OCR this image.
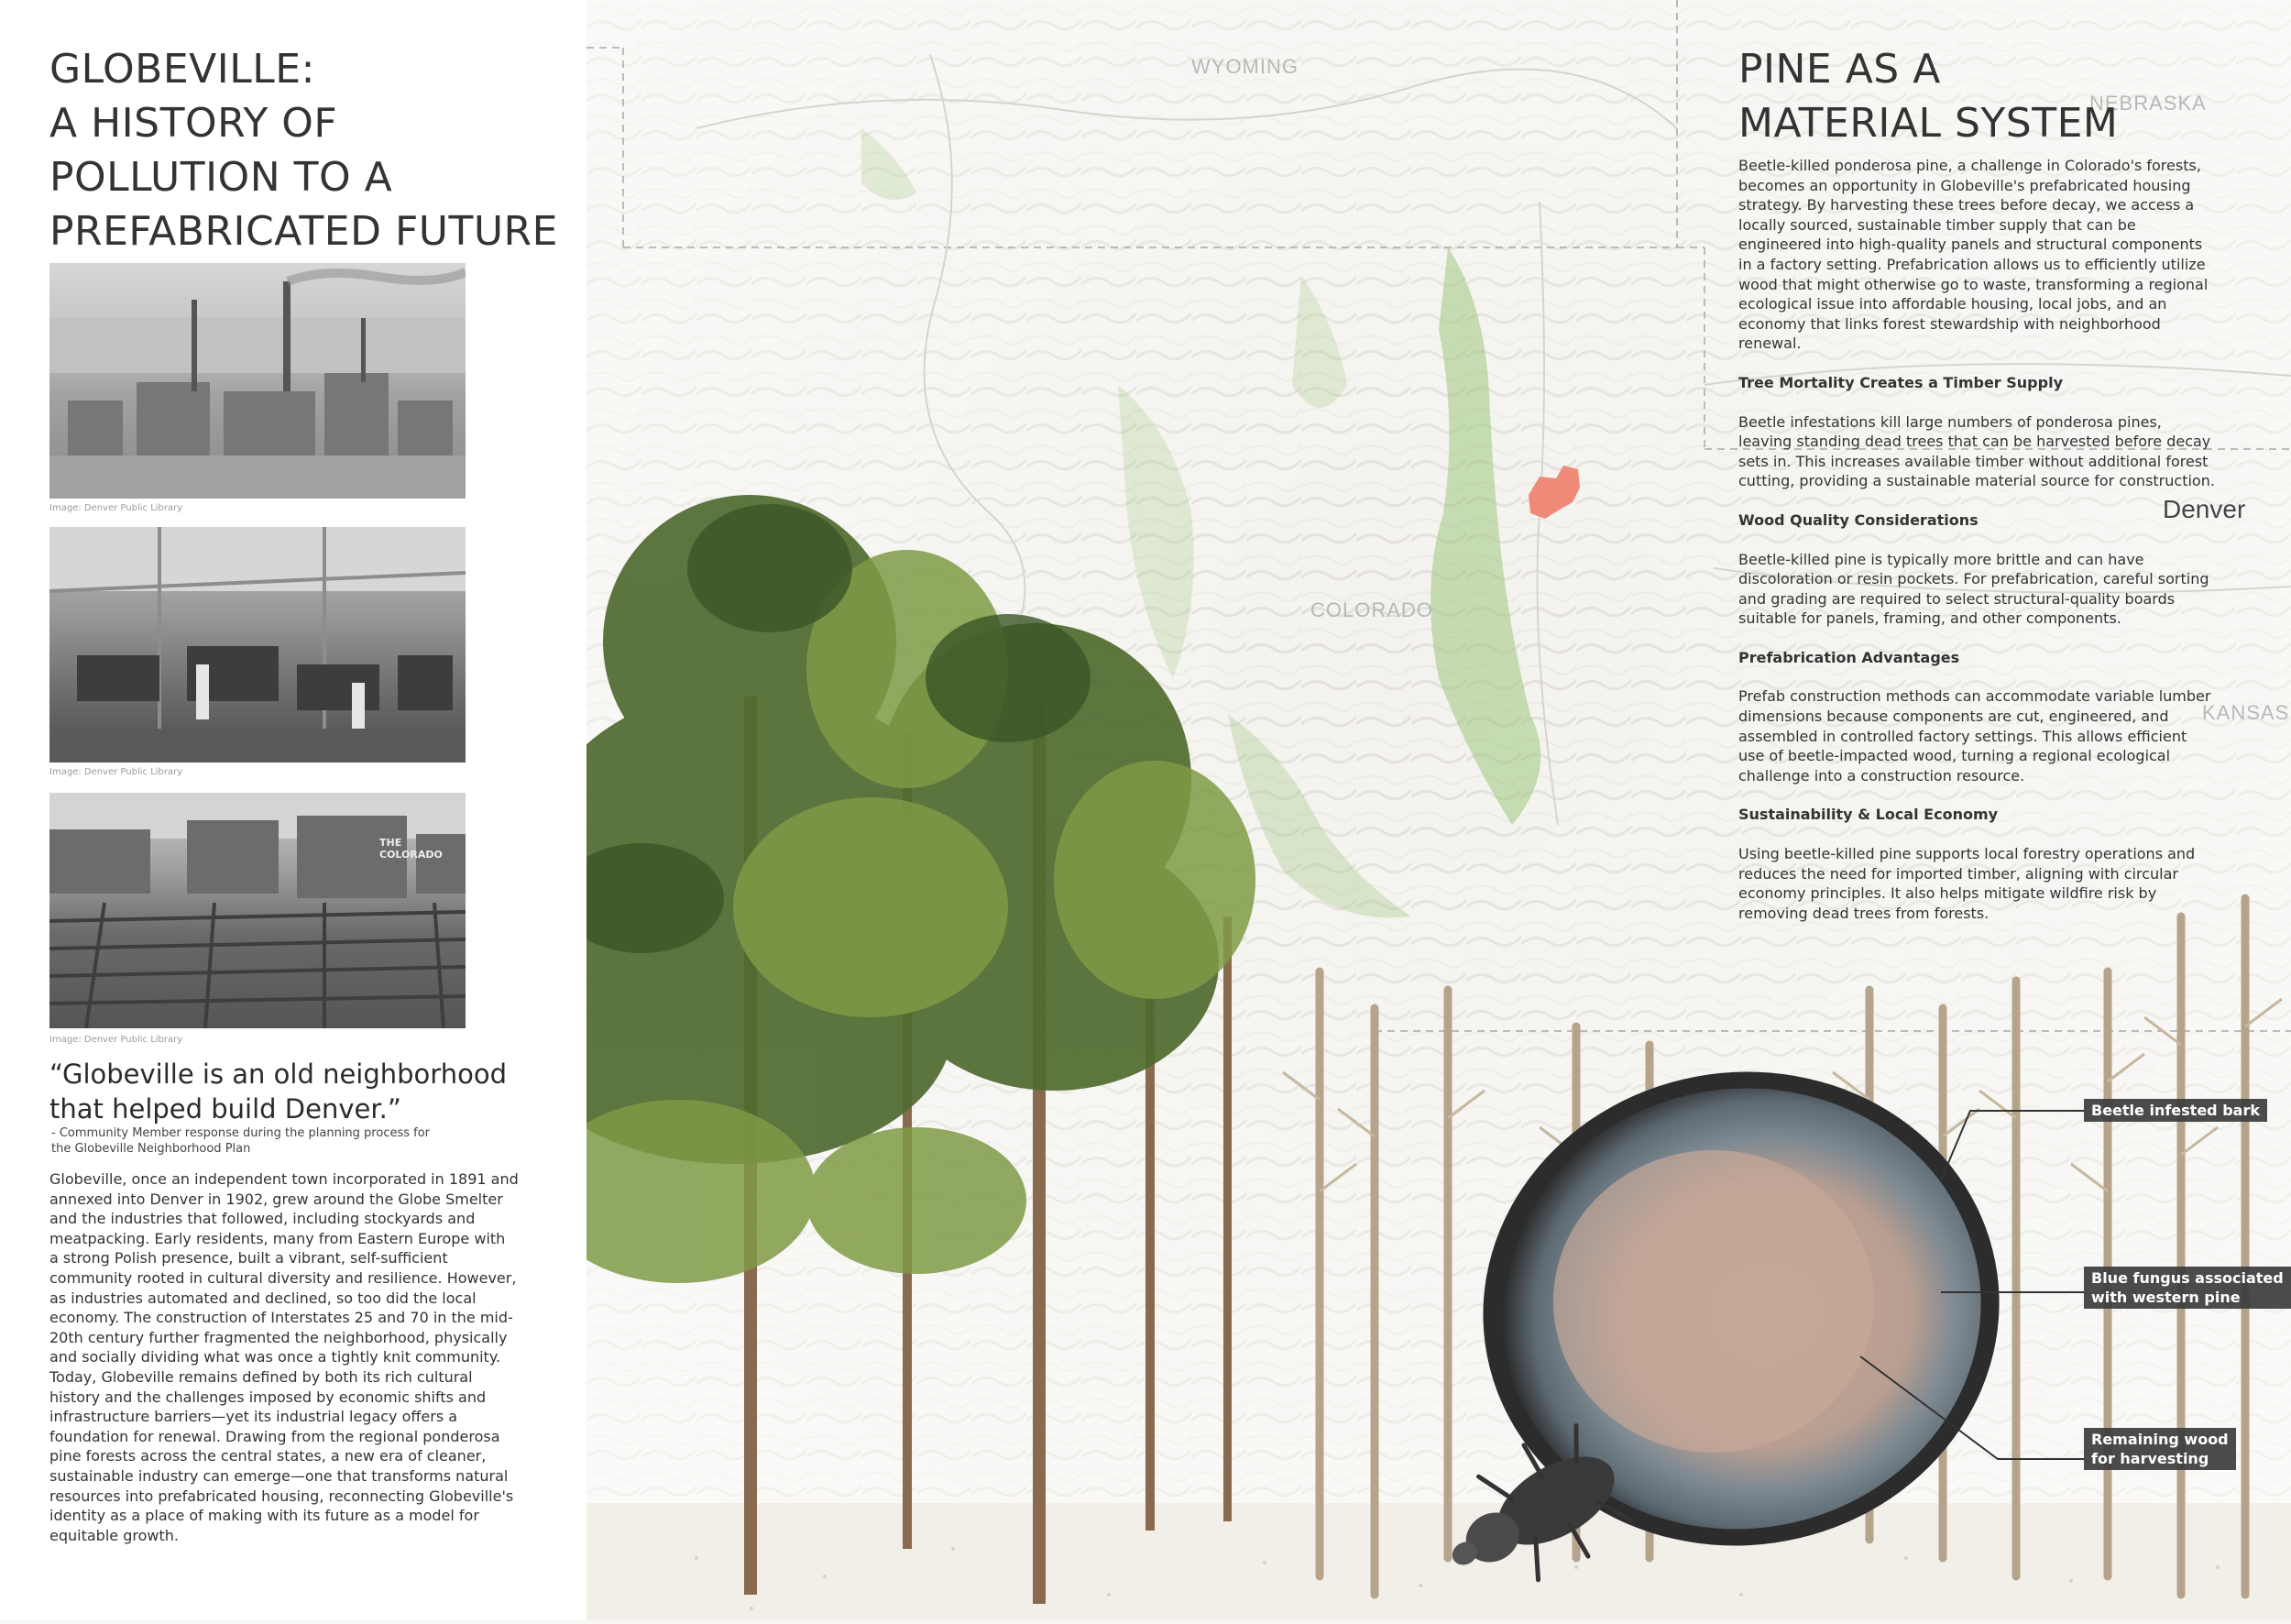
WYOMING
NEBRASKA
COLORADO
KANSAS
Denver
GLOBEVILLE:
A HISTORY OF
POLLUTION TO A
PREFABRICATED FUTURE
Image: Denver Public Library
Image: Denver Public Library
THE COLORADO
Image: Denver Public Library

“Globeville is an old neighborhood that helped build Denver.”

- Community Member response during the planning process for the Globeville Neighborhood Plan

Globeville, once an independent town incorporated in 1891 and annexed into Denver in 1902, grew around the Globe Smelter and the industries that followed, including stockyards and meatpacking. Early residents, many from Eastern Europe with a strong Polish presence, built a vibrant, self-sufficient community rooted in cultural diversity and resilience. However, as industries automated and declined, so too did the local economy. The construction of Interstates 25 and 70 in the mid-20th century further fragmented the neighborhood, physically and socially dividing what was once a tightly knit community. Today, Globeville remains defined by both its rich cultural history and the challenges imposed by economic shifts and infrastructure barriers—yet its industrial legacy offers a foundation for renewal. Drawing from the regional ponderosa pine forests across the central states, a new era of cleaner, sustainable industry can emerge—one that transforms natural resources into prefabricated housing, reconnecting Globeville's identity as a place of making with its future as a model for equitable growth.

PINE AS A
MATERIAL SYSTEM

Beetle-killed ponderosa pine, a challenge in Colorado's forests, becomes an opportunity in Globeville's prefabricated housing strategy. By harvesting these trees before decay, we access a locally sourced, sustainable timber supply that can be engineered into high-quality panels and structural components in a factory setting. Prefabrication allows us to efficiently utilize wood that might otherwise go to waste, transforming a regional ecological issue into affordable housing, local jobs, and an economy that links forest stewardship with neighborhood renewal.

Tree Mortality Creates a Timber Supply

Beetle infestations kill large numbers of ponderosa pines, leaving standing dead trees that can be harvested before decay sets in. This increases available timber without additional forest cutting, providing a sustainable material source for construction.

Wood Quality Considerations

Beetle-killed pine is typically more brittle and can have discoloration or resin pockets. For prefabrication, careful sorting and grading are required to select structural-quality boards suitable for panels, framing, and other components.

Prefabrication Advantages

Prefab construction methods can accommodate variable lumber dimensions because components are cut, engineered, and assembled in controlled factory settings. This allows efficient use of beetle-impacted wood, turning a regional ecological challenge into a construction resource.

Sustainability & Local Economy

Using beetle-killed pine supports local forestry operations and reduces the need for imported timber, aligning with circular economy principles. It also helps mitigate wildfire risk by removing dead trees from forests.

Beetle infested bark
Blue fungus associated
with western pine
Remaining wood
for harvesting
